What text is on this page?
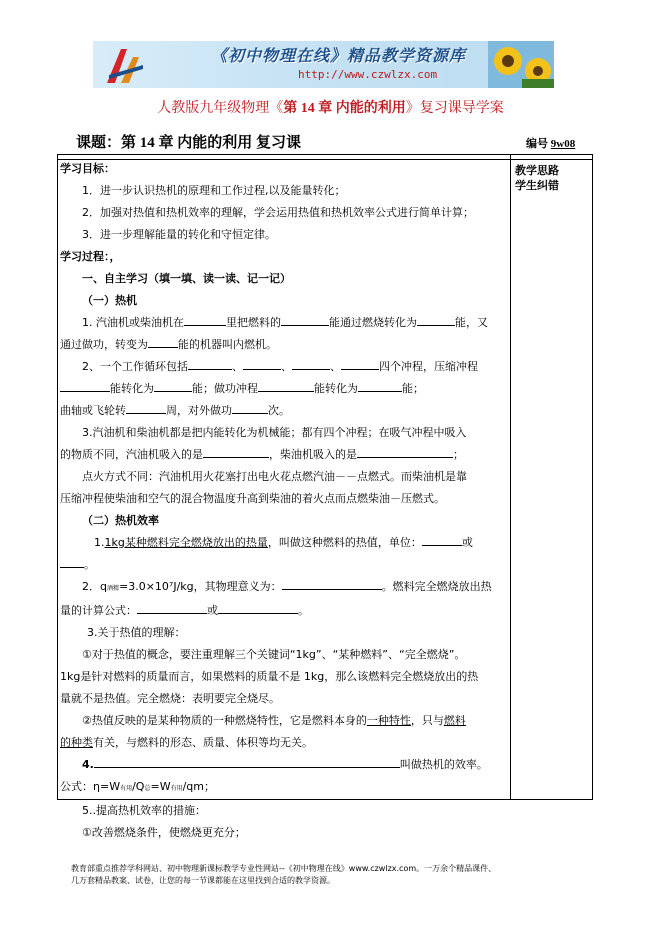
《初中物理在线》精品教学资源库
http://www.czwlzx.com
人教版九年级物理《第 14 章 内能的利用》复习课导学案
课题：第 14 章 内能的利用 复习课	编号 9w08
教学思路
学生纠错

学习目标：

1．进一步认识热机的原理和工作过程,以及能量转化；

2．加强对热值和热机效率的理解，学会运用热值和热机效率公式进行简单计算；

3．进一步理解能量的转化和守恒定律。

学习过程：，

一、自主学习（填一填、读一读、记一记）

（一）热机

1. 汽油机或柴油机在	里把燃料的	能通过燃烧转化为	能，又

通过做功，转变为	能的机器叫内燃机。

2、一个工作循环包括	、	、	、	四个冲程，压缩冲程

能转化为	能；做功冲程	能转化为	能；

曲轴或飞轮转	周，对外做功	次。

3.汽油机和柴油机都是把内能转化为机械能；都有四个冲程；在吸气冲程中吸入

的物质不同，汽油机吸入的是	，柴油机吸入的是	；

点火方式不同：汽油机用火花塞打出电火花点燃汽油－－点燃式。而柴油机是靠

压缩冲程使柴油和空气的混合物温度升高到柴油的着火点而点燃柴油－压燃式。

（二）热机效率

1.1kg某种燃料完全燃烧放出的热量，叫做这种燃料的热值，单位：	或

。

2．q酒精=3.0×10⁷J/kg，其物理意义为：	。燃料完全燃烧放出热

量的计算公式：	或	。

3.关于热值的理解：

①对于热值的概念，要注重理解三个关键词“1kg”、“某种燃料”、“完全燃烧”。

1kg是针对燃料的质量而言，如果燃料的质量不是 1kg，那么该燃料完全燃烧放出的热

量就不是热值。完全燃烧：表明要完全烧尽。

②热值反映的是某种物质的一种燃烧特性，它是燃料本身的一种特性，只与燃料

的种类有关，与燃料的形态、质量、体积等均无关。

4.	叫做热机的效率。

公式：η=W有用/Q总=W有用/qm；

5..提高热机效率的措施：

①改善燃烧条件，使燃烧更充分；

教育部重点推荐学科网站、初中物理新课标教学专业性网站--《初中物理在线》www.czwlzx.com。一万余个精品课件、
几万套精品教案、试卷，让您的每一节课都能在这里找到合适的教学资源。
